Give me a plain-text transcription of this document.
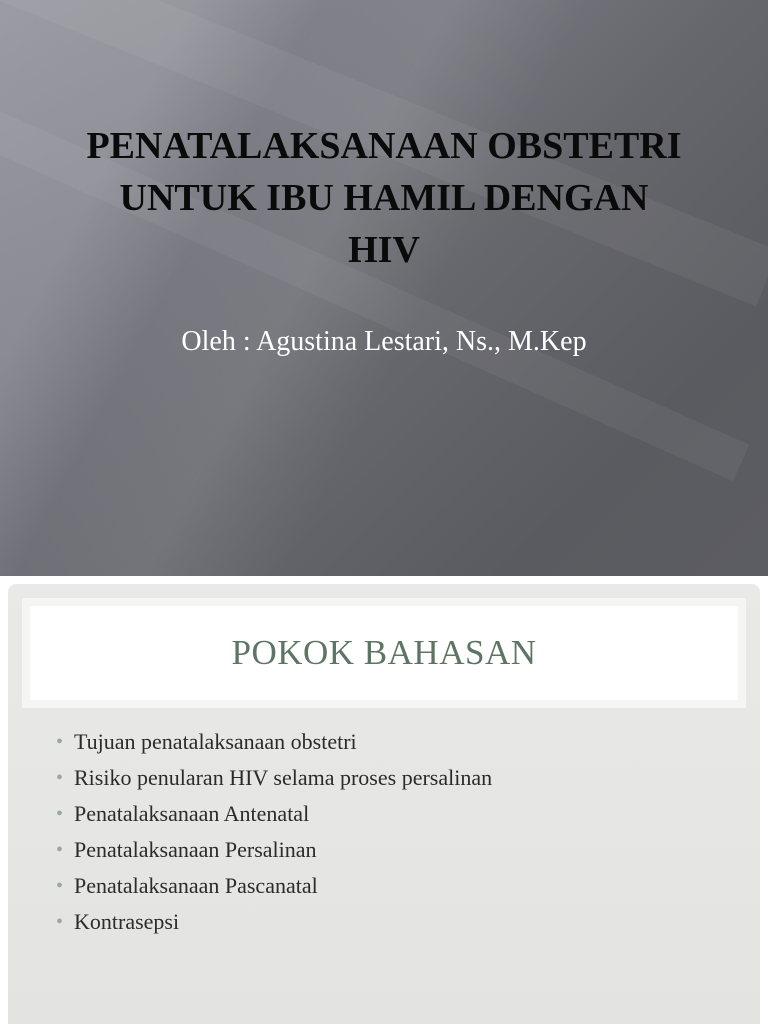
PENATALAKSANAAN OBSTETRI
UNTUK IBU HAMIL DENGAN
HIV
Oleh : Agustina Lestari, Ns., M.Kep
POKOK BAHASAN
• Tujuan penatalaksanaan obstetri
• Risiko penularan HIV selama proses persalinan
• Penatalaksanaan Antenatal
• Penatalaksanaan Persalinan
• Penatalaksanaan Pascanatal
• Kontrasepsi
